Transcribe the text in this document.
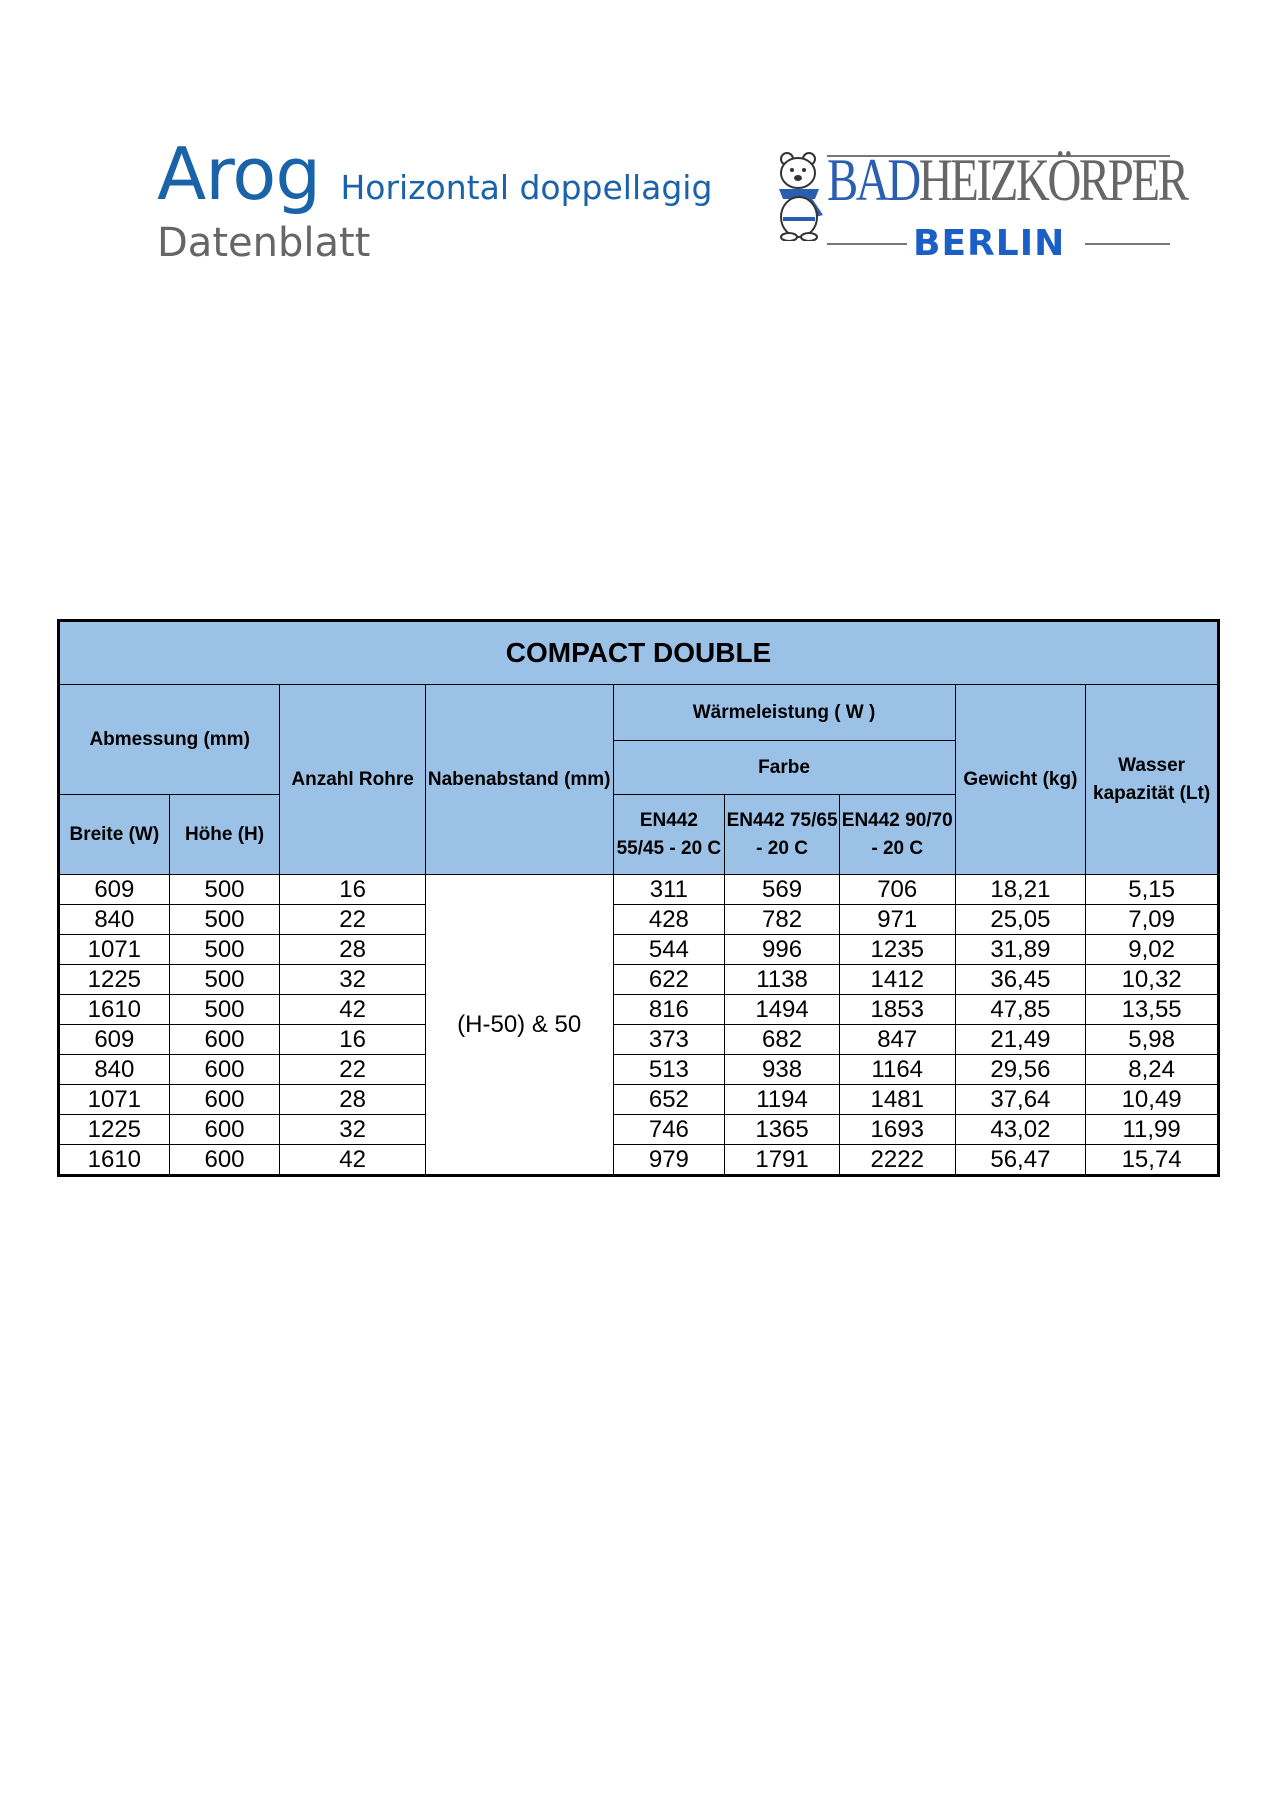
Arog Horizontal doppellagig
Datenblatt
BADHEIZKÖRPER
BERLIN
COMPACT DOUBLE								
Abmessung (mm)		Anzahl Rohre	Nabenabstand (mm)	Wärmeleistung ( W )			Gewicht (kg)	Wasser kapazität (Lt)
				Farbe				
Breite (W)	Höhe (H)			EN442 55/45 - 20 C	EN442 75/65 - 20 C	EN442 90/70 - 20 C		
609	500	16	(H-50) & 50	311	569	706	18,21	5,15
840	500	22		428	782	971	25,05	7,09
1071	500	28		544	996	1235	31,89	9,02
1225	500	32		622	1138	1412	36,45	10,32
1610	500	42		816	1494	1853	47,85	13,55
609	600	16		373	682	847	21,49	5,98
840	600	22		513	938	1164	29,56	8,24
1071	600	28		652	1194	1481	37,64	10,49
1225	600	32		746	1365	1693	43,02	11,99
1610	600	42		979	1791	2222	56,47	15,74
